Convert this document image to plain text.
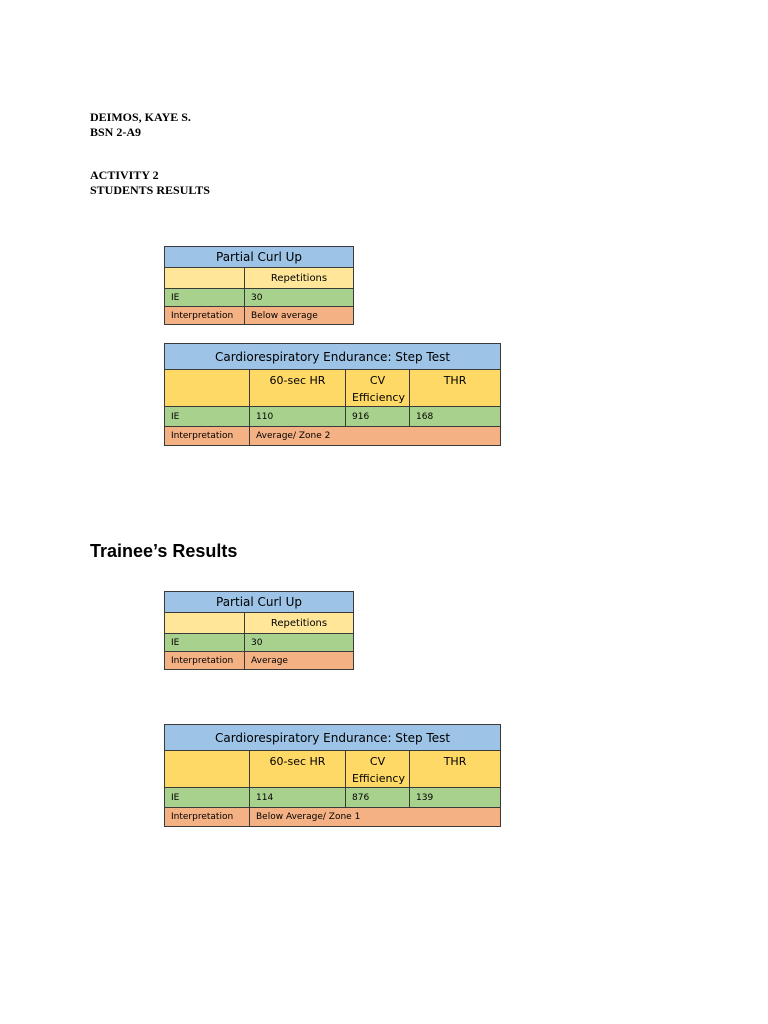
DEIMOS, KAYE S.
BSN 2-A9
ACTIVITY 2
STUDENTS RESULTS
Partial Curl Up	
	Repetitions
IE	30
Interpretation	Below average
Cardiorespiratory Endurance: Step Test			
	60-sec HR	CV Efficiency	THR
IE	110	916	168
Interpretation	Average/ Zone 2		
Trainee’s Results
Partial Curl Up	
	Repetitions
IE	30
Interpretation	Average
Cardiorespiratory Endurance: Step Test			
	60-sec HR	CV Efficiency	THR
IE	114	876	139
Interpretation	Below Average/ Zone 1		
